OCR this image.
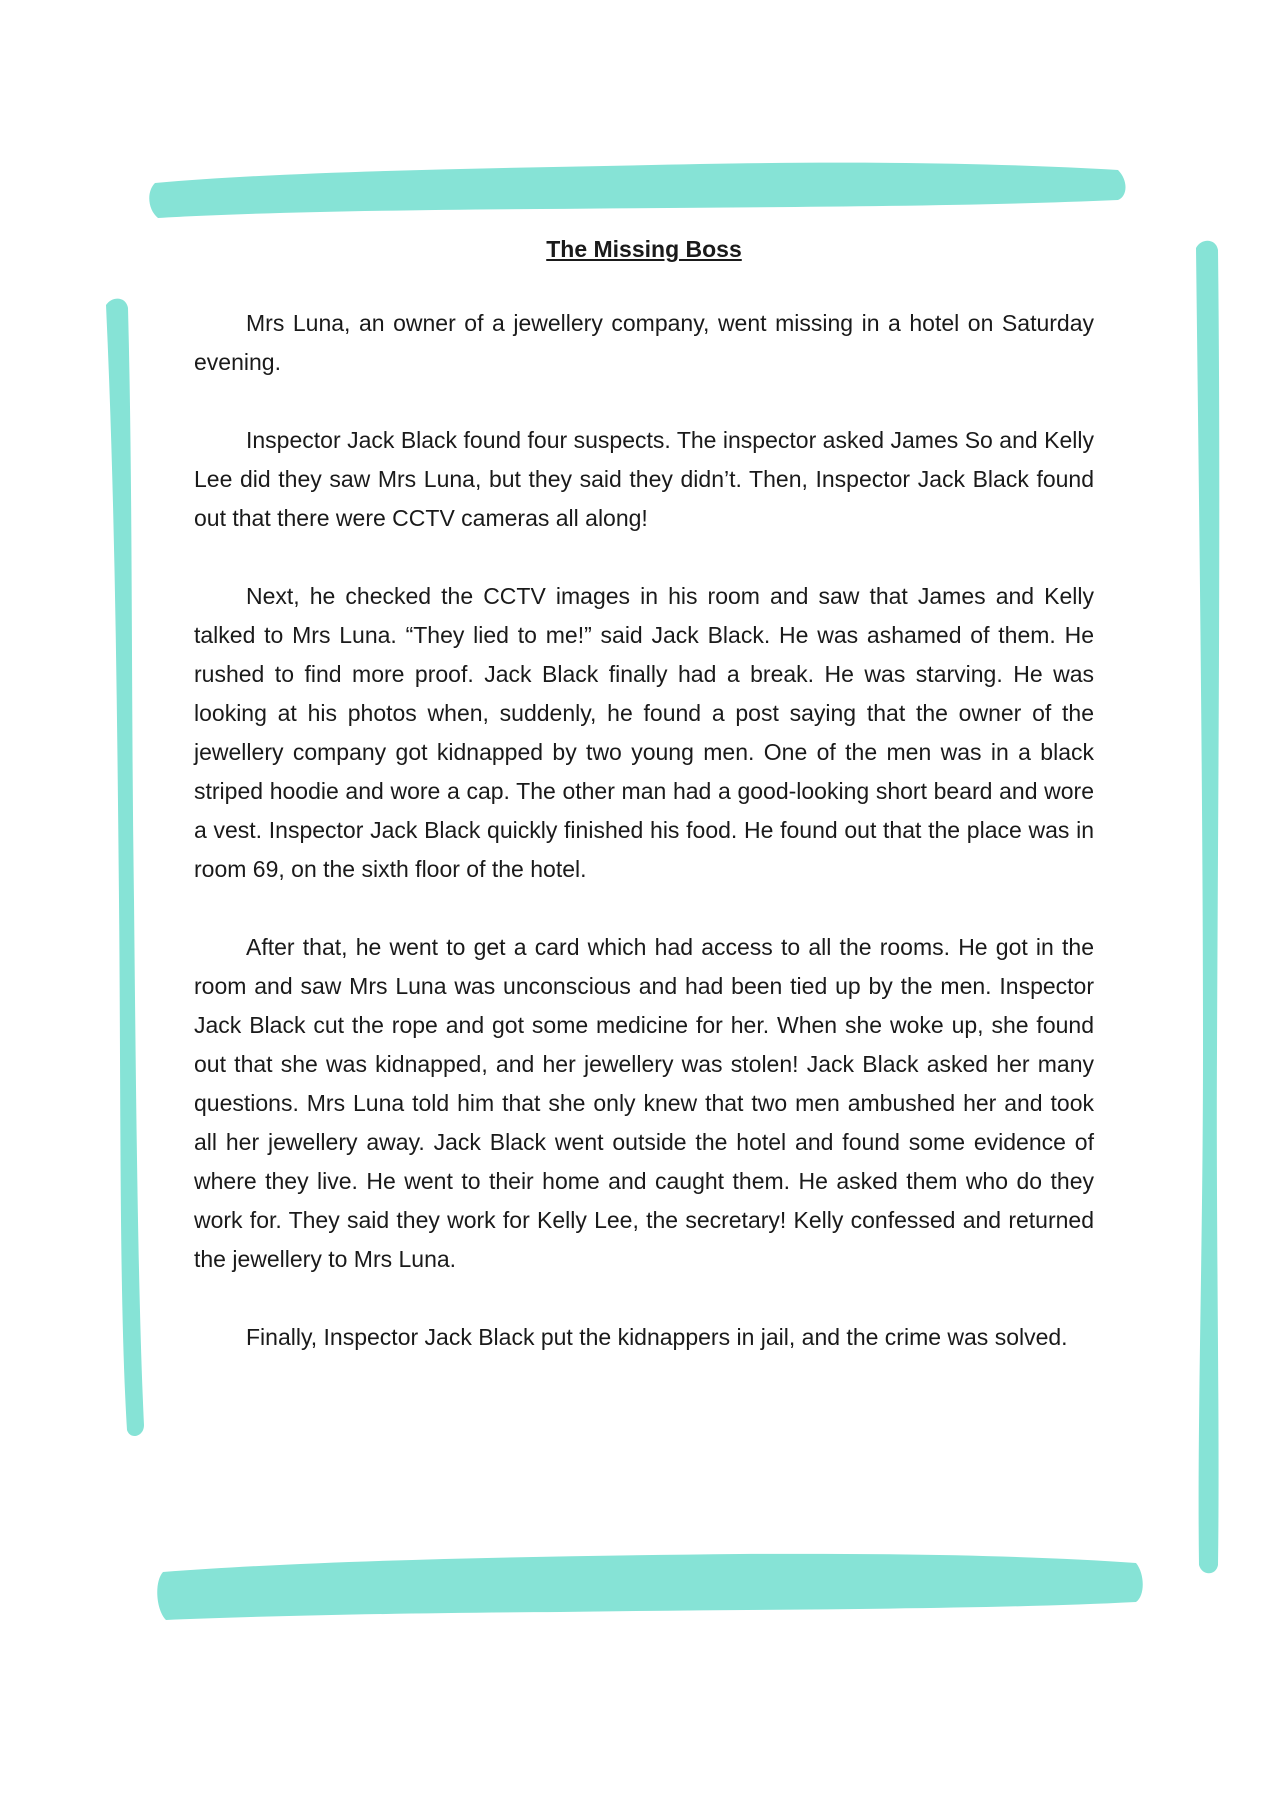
The Missing Boss

Mrs Luna, an owner of a jewellery company, went missing in a hotel on Saturday evening.

Inspector Jack Black found four suspects. The inspector asked James So and Kelly Lee did they saw Mrs Luna, but they said they didn’t. Then, Inspector Jack Black found out that there were CCTV cameras all along!

Next, he checked the CCTV images in his room and saw that James and Kelly talked to Mrs Luna. “They lied to me!” said Jack Black. He was ashamed of them. He rushed to find more proof. Jack Black finally had a break. He was starving. He was looking at his photos when, suddenly, he found a post saying that the owner of the jewellery company got kidnapped by two young men. One of the men was in a black striped hoodie and wore a cap. The other man had a good-looking short beard and wore a vest. Inspector Jack Black quickly finished his food. He found out that the place was in room 69, on the sixth floor of the hotel.

After that, he went to get a card which had access to all the rooms. He got in the room and saw Mrs Luna was unconscious and had been tied up by the men. Inspector Jack Black cut the rope and got some medicine for her. When she woke up, she found out that she was kidnapped, and her jewellery was stolen! Jack Black asked her many questions. Mrs Luna told him that she only knew that two men ambushed her and took all her jewellery away. Jack Black went outside the hotel and found some evidence of where they live. He went to their home and caught them. He asked them who do they work for. They said they work for Kelly Lee, the secretary! Kelly confessed and returned the jewellery to Mrs Luna.

Finally, Inspector Jack Black put the kidnappers in jail, and the crime was solved.
